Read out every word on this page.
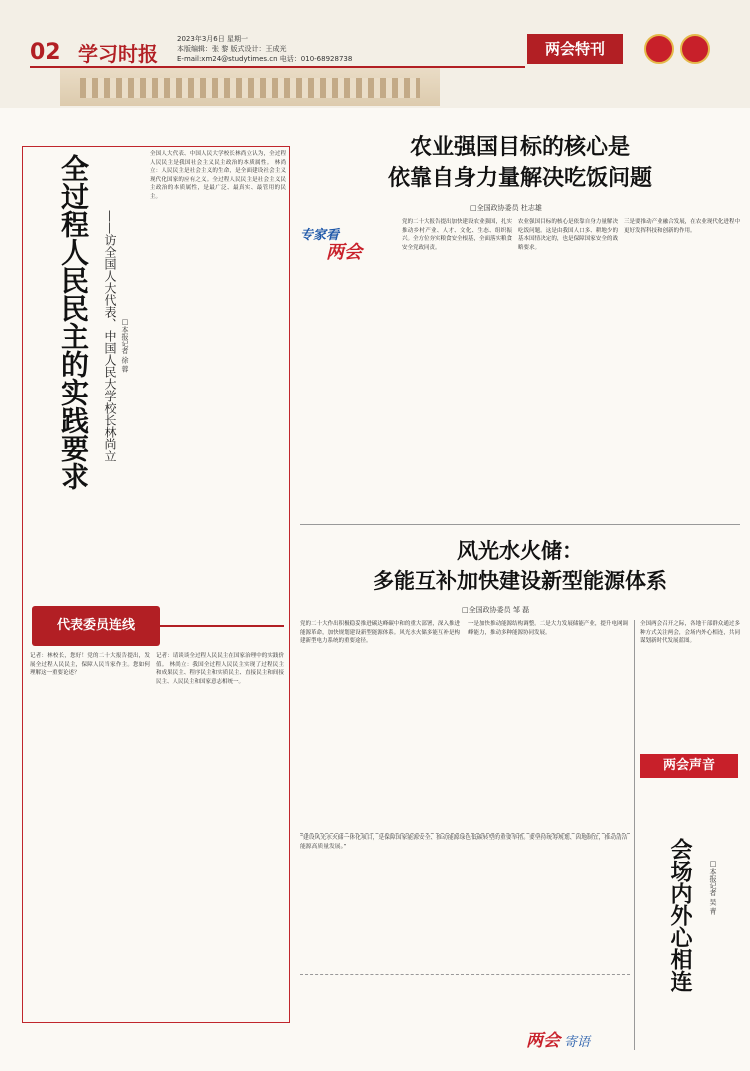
02 学习时报
2023年3月6日 星期一
本版编辑：张 黎 版式设计：王成光
E-mail:xm24@studytimes.cn 电话：010-68928738
两会特刊
全过程人民民主的实践要求 ——访全国人大代表、中国人民大学校长林尚立 □本报记者 徐 蓉
全国人大代表、中国人民大学校长林尚立认为，全过程人民民主是我国社会主义民主政治的本质属性。 林尚立：人民民主是社会主义的生命，是全面建设社会主义现代化国家的应有之义。全过程人民民主是社会主义民主政治的本质属性，是最广泛、最真实、最管用的民主。
代表委员连线
记者：林校长，您好！党的二十大报告提出，发展全过程人民民主，保障人民当家作主。您如何理解这一重要论述？
记者：请谈谈全过程人民民主在国家治理中的实践价值。 林尚立：我国全过程人民民主实现了过程民主和成果民主、程序民主和实质民主、直接民主和间接民主、人民民主和国家意志相统一。
农业强国目标的核心是
依靠自身力量解决吃饭问题
□全国政协委员 杜志雄
专家看
两会
党的二十大报告提出加快建设农业强国，扎实推动乡村产业、人才、文化、生态、组织振兴。全方位夯实粮食安全根基，全面落实粮食安全党政同责。
农业强国目标的核心是依靠自身力量解决吃饭问题。这是由我国人口多、耕地少的基本国情决定的，也是保障国家安全的战略要求。
三是要推动产业融合发展，在农业现代化进程中更好发挥科技和创新的作用。
风光水火储：
多能互补加快建设新型能源体系
□全国政协委员 邹 磊
党的二十大作出积极稳妥推进碳达峰碳中和的重大部署，深入推进能源革命，加快规划建设新型能源体系。风光水火储多能互补是构建新型电力系统的重要途径。
一是加快推动能源结构调整。二是大力发展储能产业，提升电网调峰能力，推动多种能源协同发展。
“建设风光水火储一体化项目，是保障国家能源安全、推动能源绿色低碳转型的重要举措。要坚持统筹规划、因地制宜，推动清洁能源高质量发展。”
两会 寄语
全国两会召开之际，各地干部群众通过多种方式关注两会，会场内外心相连，共同谋划新时代发展蓝图。
两会声音
会场内外心相连 □本报记者 吴 青
